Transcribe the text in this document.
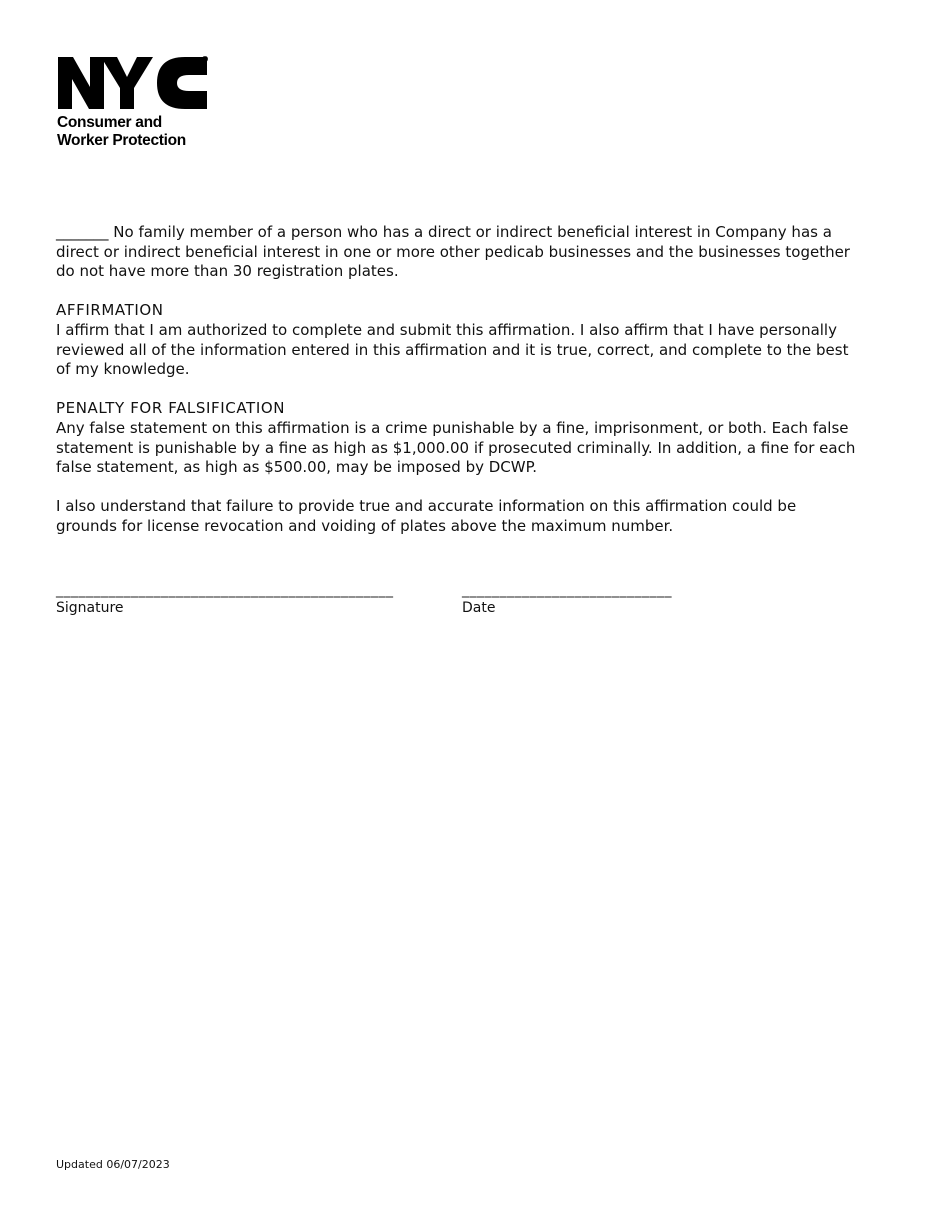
Consumer and
Worker Protection

_______ No family member of a person who has a direct or indirect beneficial interest in Company has a direct or indirect beneficial interest in one or more other pedicab businesses and the businesses together do not have more than 30 registration plates.

AFFIRMATION

I affirm that I am authorized to complete and submit this affirmation. I also affirm that I have personally reviewed all of the information entered in this affirmation and it is true, correct, and complete to the best of my knowledge.

PENALTY FOR FALSIFICATION

Any false statement on this affirmation is a crime punishable by a fine, imprisonment, or both. Each false statement is punishable by a fine as high as $1,000.00 if prosecuted criminally. In addition, a fine for each false statement, as high as $500.00, may be imposed by DCWP.

I also understand that failure to provide true and accurate information on this affirmation could be grounds for license revocation and voiding of plates above the maximum number.

_____________________________________________
Signature
____________________________
Date
Updated 06/07/2023
